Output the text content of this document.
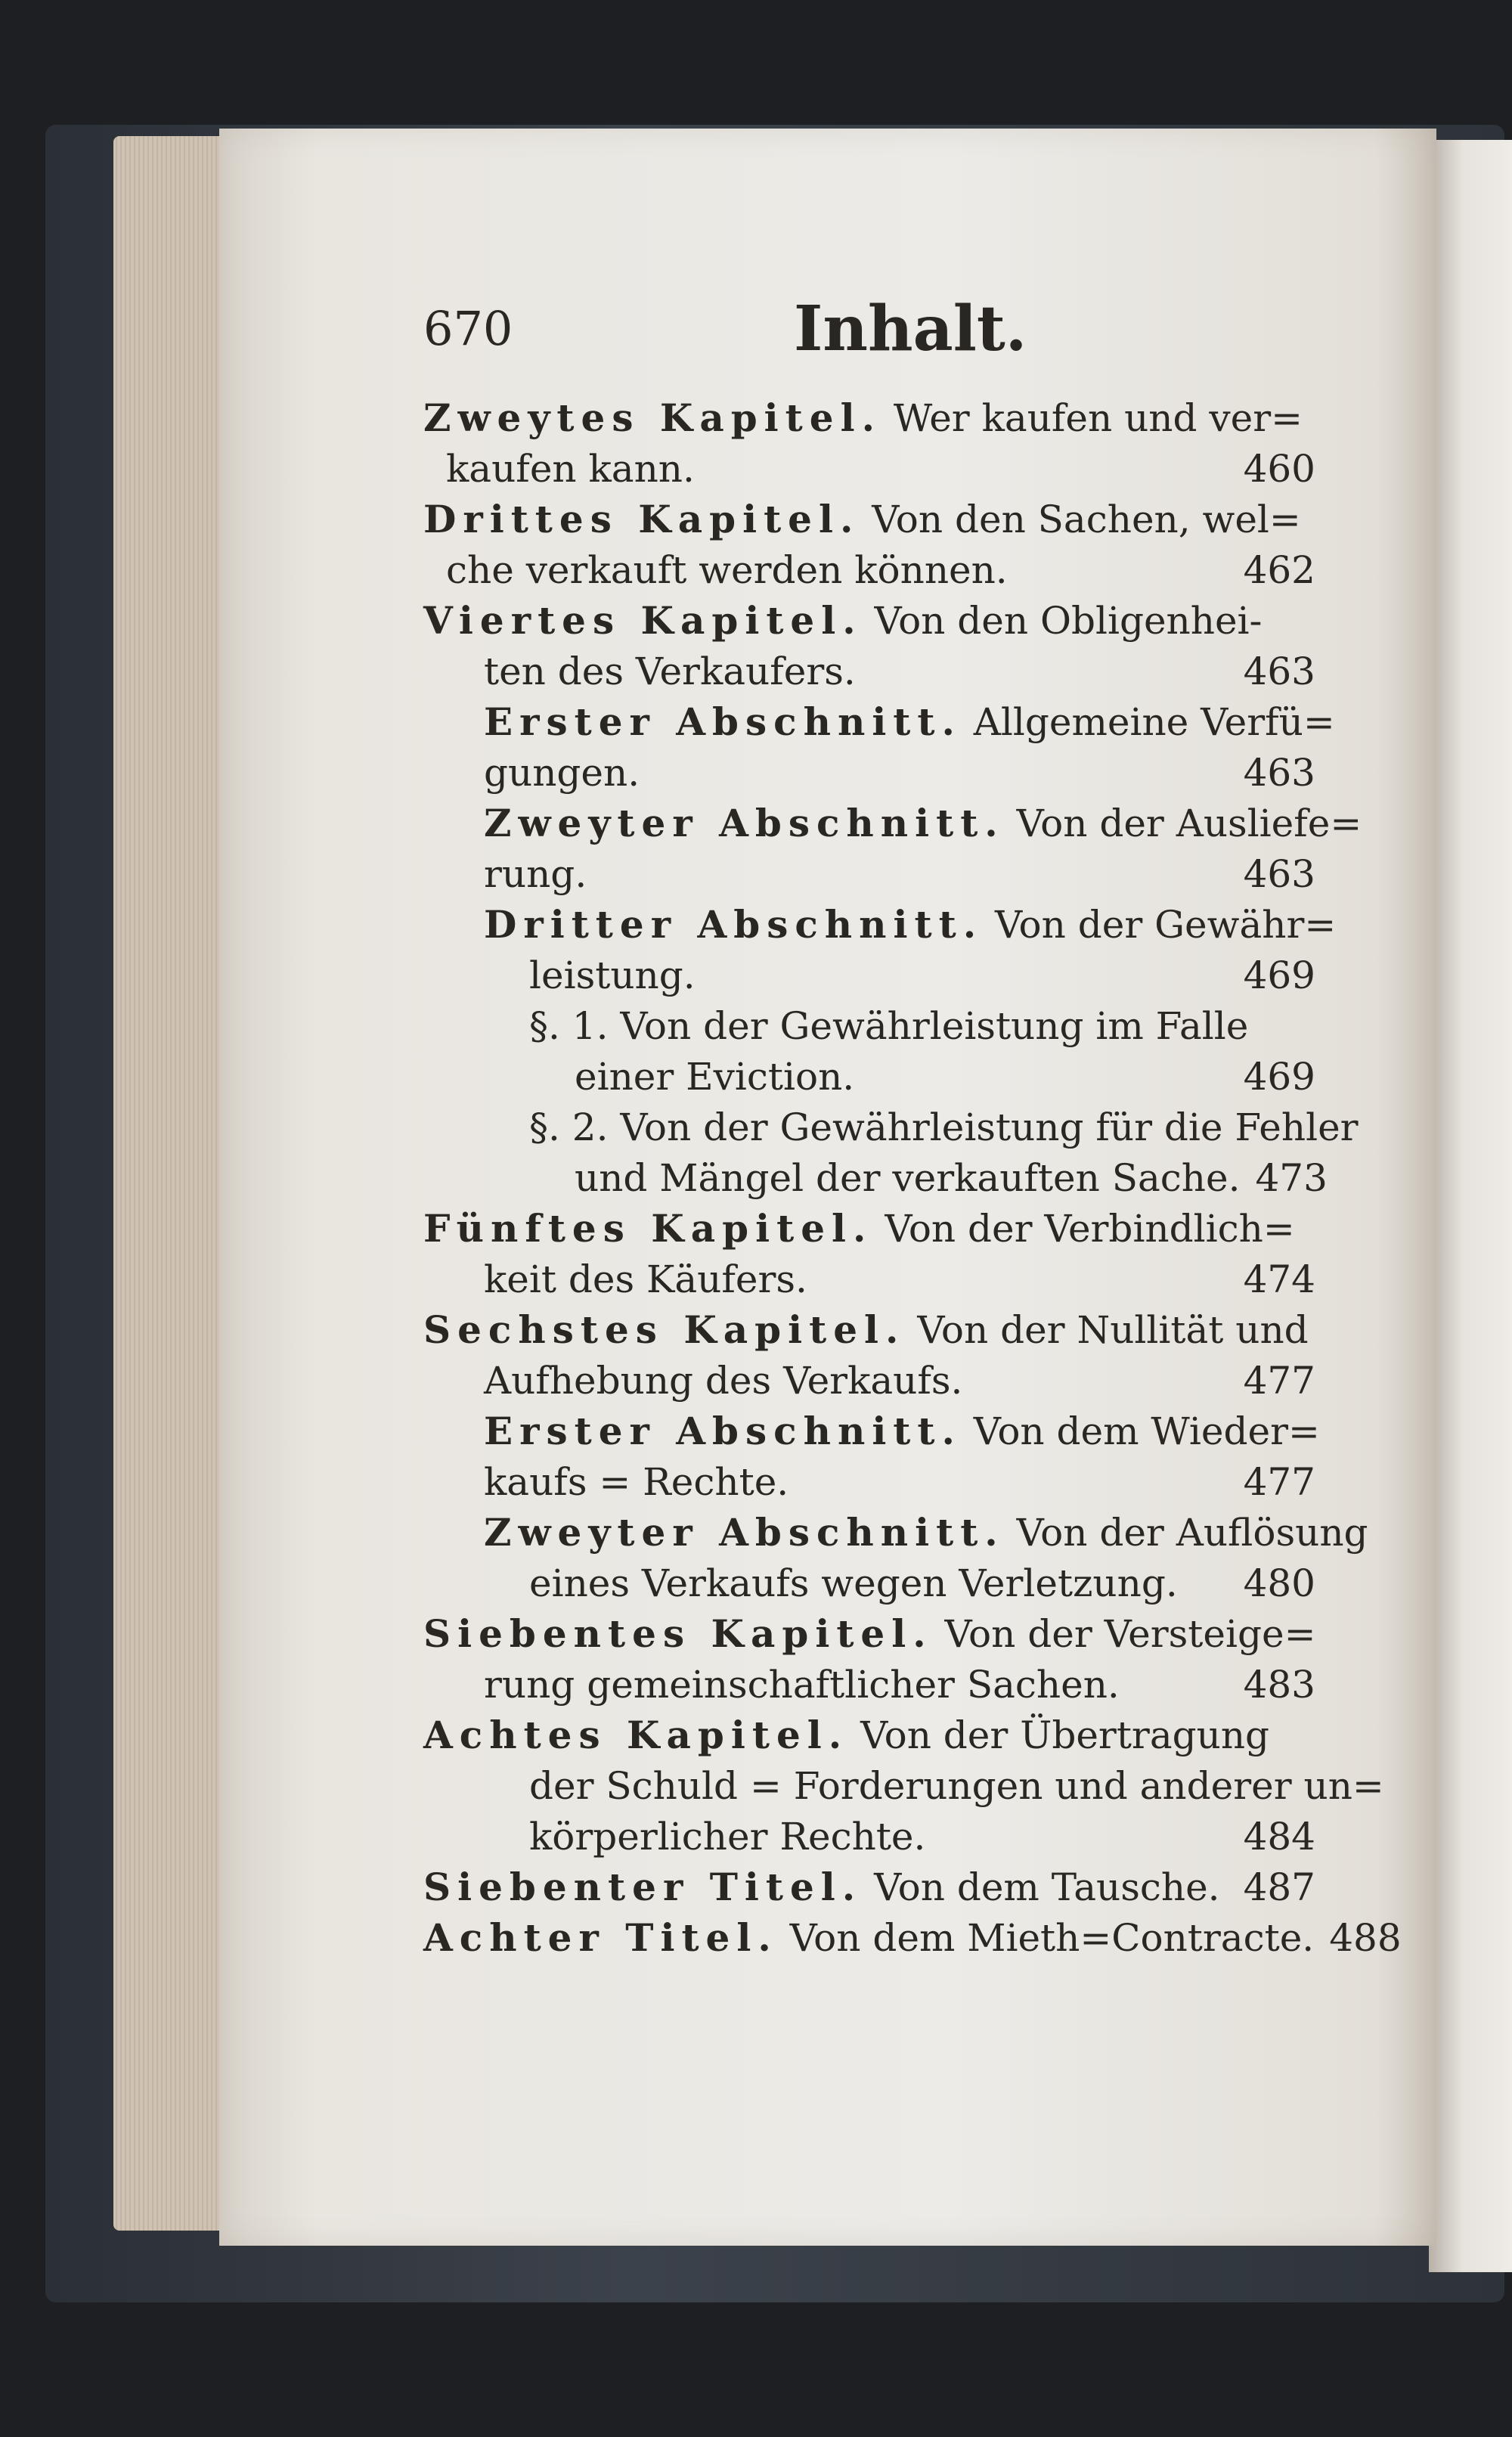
670	Inhalt.
Zweytes Kapitel. Wer kaufen und ver=
kaufen kann.	460
Drittes Kapitel. Von den Sachen, wel=
che verkauft werden können.	462
Viertes Kapitel. Von den Obligenhei-
ten des Verkaufers.	463
Erster Abschnitt. Allgemeine Verfü=
gungen.	463
Zweyter Abschnitt. Von der Ausliefe=
rung.	463
Dritter Abschnitt. Von der Gewähr=
leistung.	469
§. 1. Von der Gewährleistung im Falle
einer Eviction.	469
§. 2. Von der Gewährleistung für die Fehler
und Mängel der verkauften Sache. 473
Fünftes Kapitel. Von der Verbindlich=
keit des Käufers.	474
Sechstes Kapitel. Von der Nullität und
Aufhebung des Verkaufs.	477
Erster Abschnitt. Von dem Wieder=
kaufs = Rechte.	477
Zweyter Abschnitt. Von der Auflösung
eines Verkaufs wegen Verletzung. 480
Siebentes Kapitel. Von der Versteige=
rung gemeinschaftlicher Sachen.	483
Achtes Kapitel. Von der Übertragung
der Schuld = Forderungen und anderer un=
körperlicher Rechte.	484
Siebenter Titel. Von dem Tausche. 487
Achter Titel. Von dem Mieth=Contracte. 488
